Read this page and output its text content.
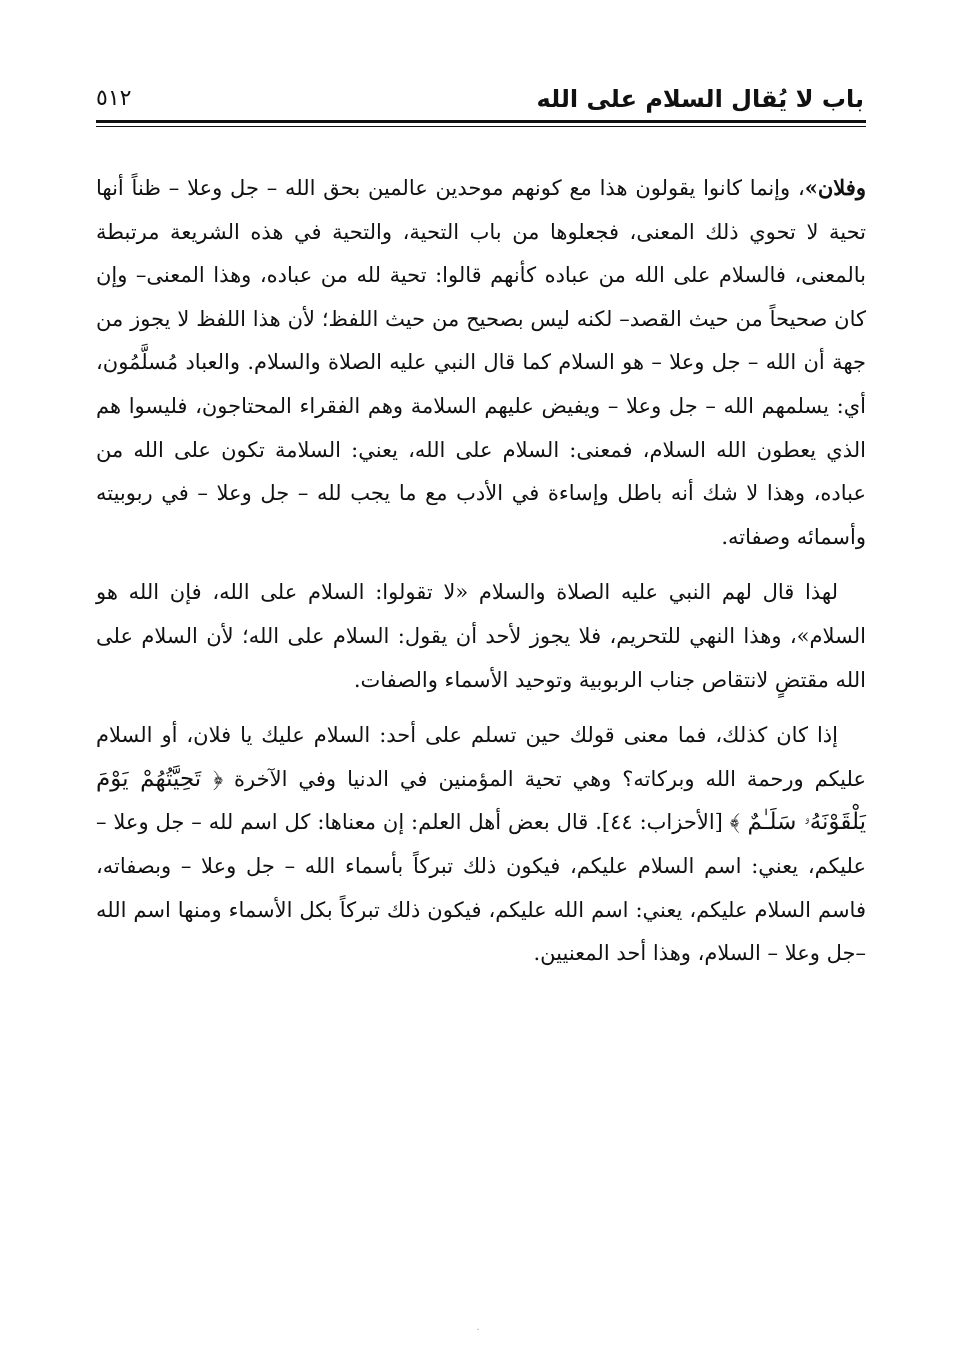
باب لا يُقال السلام على الله
٥١٢

وفلان»، وإنما كانوا يقولون هذا مع كونهم موحدين عالمين بحق الله – جل وعلا – ظناً أنها تحية لا تحوي ذلك المعنى، فجعلوها من باب التحية، والتحية في هذه الشريعة مرتبطة بالمعنى، فالسلام على الله من عباده كأنهم قالوا: تحية لله من عباده، وهذا المعنى– وإن كان صحيحاً من حيث القصد– لكنه ليس بصحيح من حيث اللفظ؛ لأن هذا اللفظ لا يجوز من جهة أن الله – جل وعلا – هو السلام كما قال النبي عليه الصلاة والسلام. والعباد مُسلَّمُون، أي: يسلمهم الله – جل وعلا – ويفيض عليهم السلامة وهم الفقراء المحتاجون، فليسوا هم الذي يعطون الله السلام، فمعنى: السلام على الله، يعني: السلامة تكون على الله من عباده، وهذا لا شك أنه باطل وإساءة في الأدب مع ما يجب لله – جل وعلا – في ربوبيته وأسمائه وصفاته.

لهذا قال لهم النبي عليه الصلاة والسلام «لا تقولوا: السلام على الله، فإن الله هو السلام»، وهذا النهي للتحريم، فلا يجوز لأحد أن يقول: السلام على الله؛ لأن السلام على الله مقتضٍ لانتقاص جناب الربوبية وتوحيد الأسماء والصفات.

إذا كان كذلك، فما معنى قولك حين تسلم على أحد: السلام عليك يا فلان، أو السلام عليكم ورحمة الله وبركاته؟ وهي تحية المؤمنين في الدنيا وفي الآخرة ﴿ تَحِيَّتُهُمْ يَوْمَ يَلْقَوْنَهُۥ سَلَـٰمٌ ﴾ [الأحزاب: ٤٤]. قال بعض أهل العلم: إن معناها: كل اسم لله – جل وعلا – عليكم، يعني: اسم السلام عليكم، فيكون ذلك تبركاً بأسماء الله – جل وعلا – وبصفاته، فاسم السلام عليكم، يعني: اسم الله عليكم، فيكون ذلك تبركاً بكل الأسماء ومنها اسم الله –جل وعلا – السلام، وهذا أحد المعنيين.

·
